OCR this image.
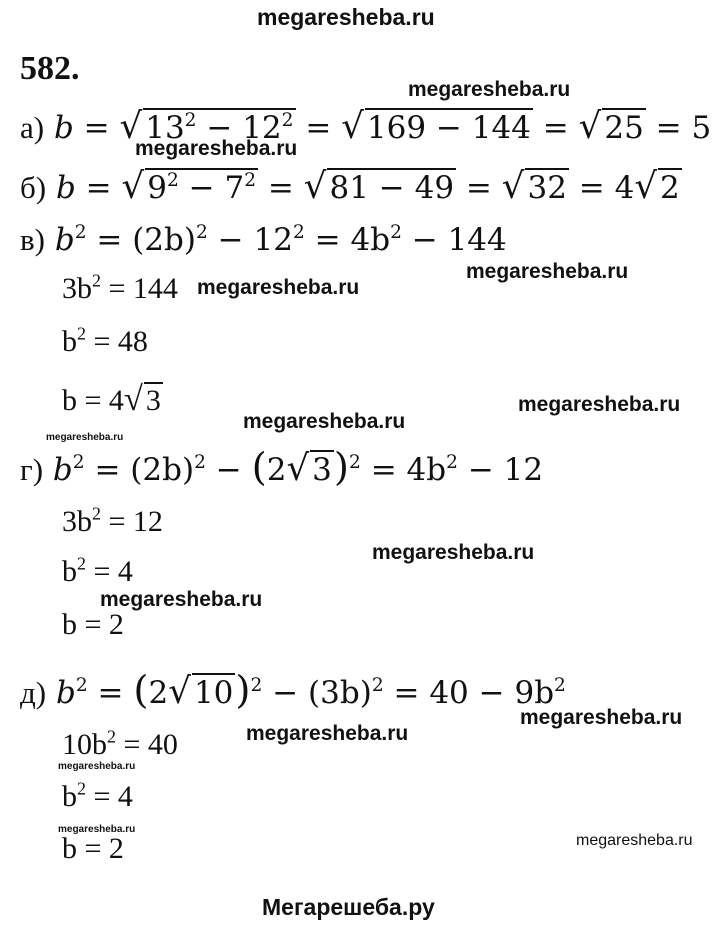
megaresheba.ru
582.
а) $b = √13^2 - 12^2 = √169 - 144 = √25 = 5$
б) $b = √9^2 - 7^2 = √81 - 49 = √32 = 4√2$
в) $b^2 = (2b)^2 - 12^2 = 4b^2 - 144$
$3b^2 = 144$
$b^2 = 48$
b = 4√ 3
г) $b^2 = (2b)^2 - (2√3)^2 = 4b^2 - 12$
$3b^2 = 12$
$b^2 = 4$
b = 2
д) $b^2 = (2√10)^2 - (3b)^2 = 40 - 9b^2$
$10b^2 = 40$
$b^2 = 4$
b = 2
megaresheba.ru
megaresheba.ru
megaresheba.ru
megaresheba.ru
megaresheba.ru
megaresheba.ru
megaresheba.ru
megaresheba.ru
megaresheba.ru
megaresheba.ru
megaresheba.ru
megaresheba.ru
megaresheba.ru
megaresheba.ru
Мегарешеба.ру
